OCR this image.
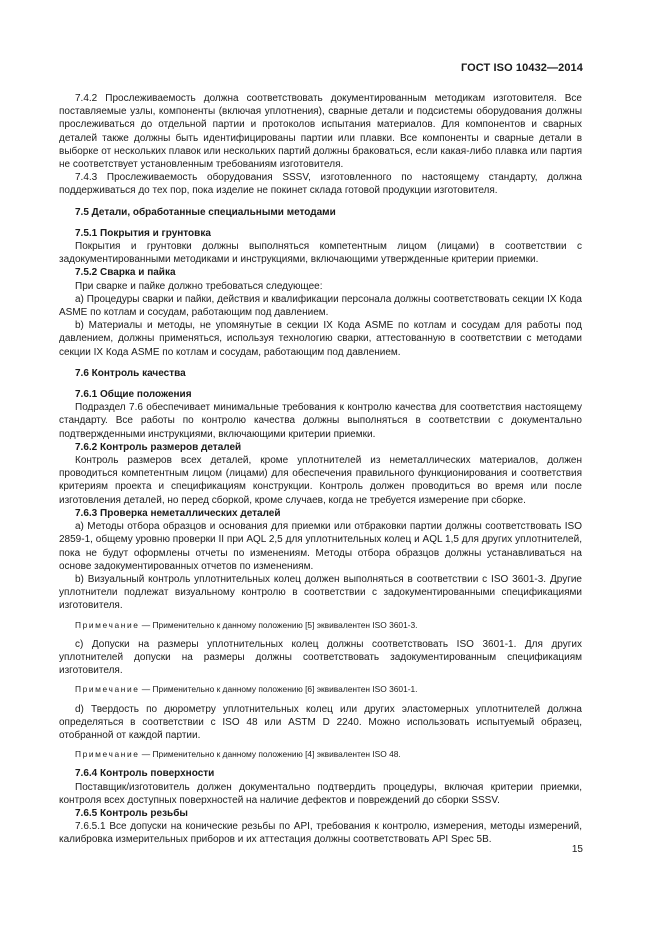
ГОСТ ISO 10432—2014

7.4.2 Прослеживаемость должна соответствовать документированным методикам изготовителя. Все поставляемые узлы, компоненты (включая уплотнения), сварные детали и подсистемы оборудования должны прослеживаться до отдельной партии и протоколов испытания материалов. Для компонентов и сварных деталей также должны быть идентифицированы партии или плавки. Все компоненты и сварные детали в выборке от нескольких плавок или нескольких партий должны браковаться, если какая-либо плавка или партия не соответствует установленным требованиям изготовителя.

7.4.3 Прослеживаемость оборудования SSSV, изготовленного по настоящему стандарту, должна поддерживаться до тех пор, пока изделие не покинет склада готовой продукции изготовителя.

7.5 Детали, обработанные специальными методами

7.5.1 Покрытия и грунтовка

Покрытия и грунтовки должны выполняться компетентным лицом (лицами) в соответствии с задокументированными методиками и инструкциями, включающими утвержденные критерии приемки.

7.5.2 Сварка и пайка

При сварке и пайке должно требоваться следующее:

a) Процедуры сварки и пайки, действия и квалификации персонала должны соответствовать секции IX Кода ASME по котлам и сосудам, работающим под давлением.

b) Материалы и методы, не упомянутые в секции IX Кода ASME по котлам и сосудам для работы под давлением, должны применяться, используя технологию сварки, аттестованную в соответствии с методами секции IX Кода ASME по котлам и сосудам, работающим под давлением.

7.6 Контроль качества

7.6.1 Общие положения

Подраздел 7.6 обеспечивает минимальные требования к контролю качества для соответствия настоящему стандарту. Все работы по контролю качества должны выполняться в соответствии с документально подтвержденными инструкциями, включающими критерии приемки.

7.6.2 Контроль размеров деталей

Контроль размеров всех деталей, кроме уплотнителей из неметаллических материалов, должен проводиться компетентным лицом (лицами) для обеспечения правильного функционирования и соответствия критериям проекта и спецификациям конструкции. Контроль должен проводиться во время или после изготовления деталей, но перед сборкой, кроме случаев, когда не требуется измерение при сборке.

7.6.3 Проверка неметаллических деталей

a) Методы отбора образцов и основания для приемки или отбраковки партии должны соответствовать ISO 2859-1, общему уровню проверки II при AQL 2,5 для уплотнительных колец и AQL 1,5 для других уплотнителей, пока не будут оформлены отчеты по изменениям. Методы отбора образцов должны устанавливаться на основе задокументированных отчетов по изменениям.

b) Визуальный контроль уплотнительных колец должен выполняться в соответствии с ISO 3601-3. Другие уплотнители подлежат визуальному контролю в соответствии с задокументированными спецификациями изготовителя.

Примечание — Применительно к данному положению [5] эквивалентен ISO 3601-3.

c) Допуски на размеры уплотнительных колец должны соответствовать ISO 3601-1. Для других уплотнителей допуски на размеры должны соответствовать задокументированным спецификациям изготовителя.

Примечание — Применительно к данному положению [6] эквивалентен ISO 3601-1.

d) Твердость по дюрометру уплотнительных колец или других эластомерных уплотнителей должна определяться в соответствии с ISO 48 или ASTM D 2240. Можно использовать испытуемый образец, отобранной от каждой партии.

Примечание — Применительно к данному положению [4] эквивалентен ISO 48.

7.6.4 Контроль поверхности

Поставщик/изготовитель должен документально подтвердить процедуры, включая критерии приемки, контроля всех доступных поверхностей на наличие дефектов и повреждений до сборки SSSV.

7.6.5 Контроль резьбы

7.6.5.1 Все допуски на конические резьбы по API, требования к контролю, измерения, методы измерений, калибровка измерительных приборов и их аттестация должны соответствовать API Spec 5B.

15
